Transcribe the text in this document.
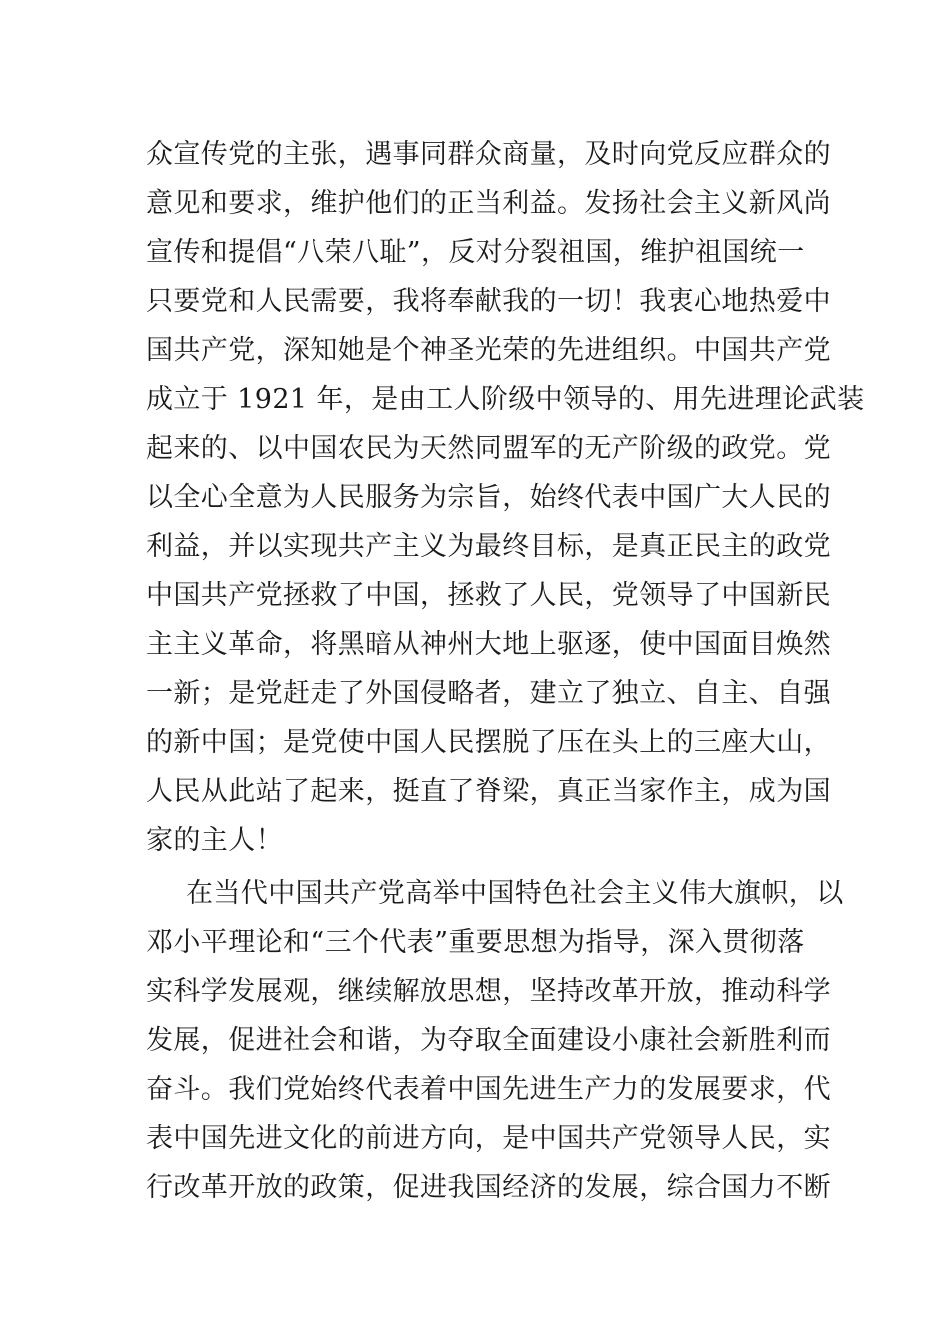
众宣传党的主张，遇事同群众商量，及时向党反应群众的
意见和要求，维护他们的正当利益。发扬社会主义新风尚
宣传和提倡“八荣八耻”，反对分裂祖国，维护祖国统一
只要党和人民需要，我将奉献我的一切！我衷心地热爱中
国共产党，深知她是个神圣光荣的先进组织。中国共产党
成立于 1921 年，是由工人阶级中领导的、用先进理论武装
起来的、以中国农民为天然同盟军的无产阶级的政党。党
以全心全意为人民服务为宗旨，始终代表中国广大人民的
利益，并以实现共产主义为最终目标，是真正民主的政党
中国共产党拯救了中国，拯救了人民，党领导了中国新民
主主义革命，将黑暗从神州大地上驱逐，使中国面目焕然
一新；是党赶走了外国侵略者，建立了独立、自主、自强
的新中国；是党使中国人民摆脱了压在头上的三座大山，
人民从此站了起来，挺直了脊梁，真正当家作主，成为国
家的主人！
在当代中国共产党高举中国特色社会主义伟大旗帜，以
邓小平理论和“三个代表”重要思想为指导，深入贯彻落
实科学发展观，继续解放思想，坚持改革开放，推动科学
发展，促进社会和谐，为夺取全面建设小康社会新胜利而
奋斗。我们党始终代表着中国先进生产力的发展要求，代
表中国先进文化的前进方向，是中国共产党领导人民，实
行改革开放的政策，促进我国经济的发展，综合国力不断
